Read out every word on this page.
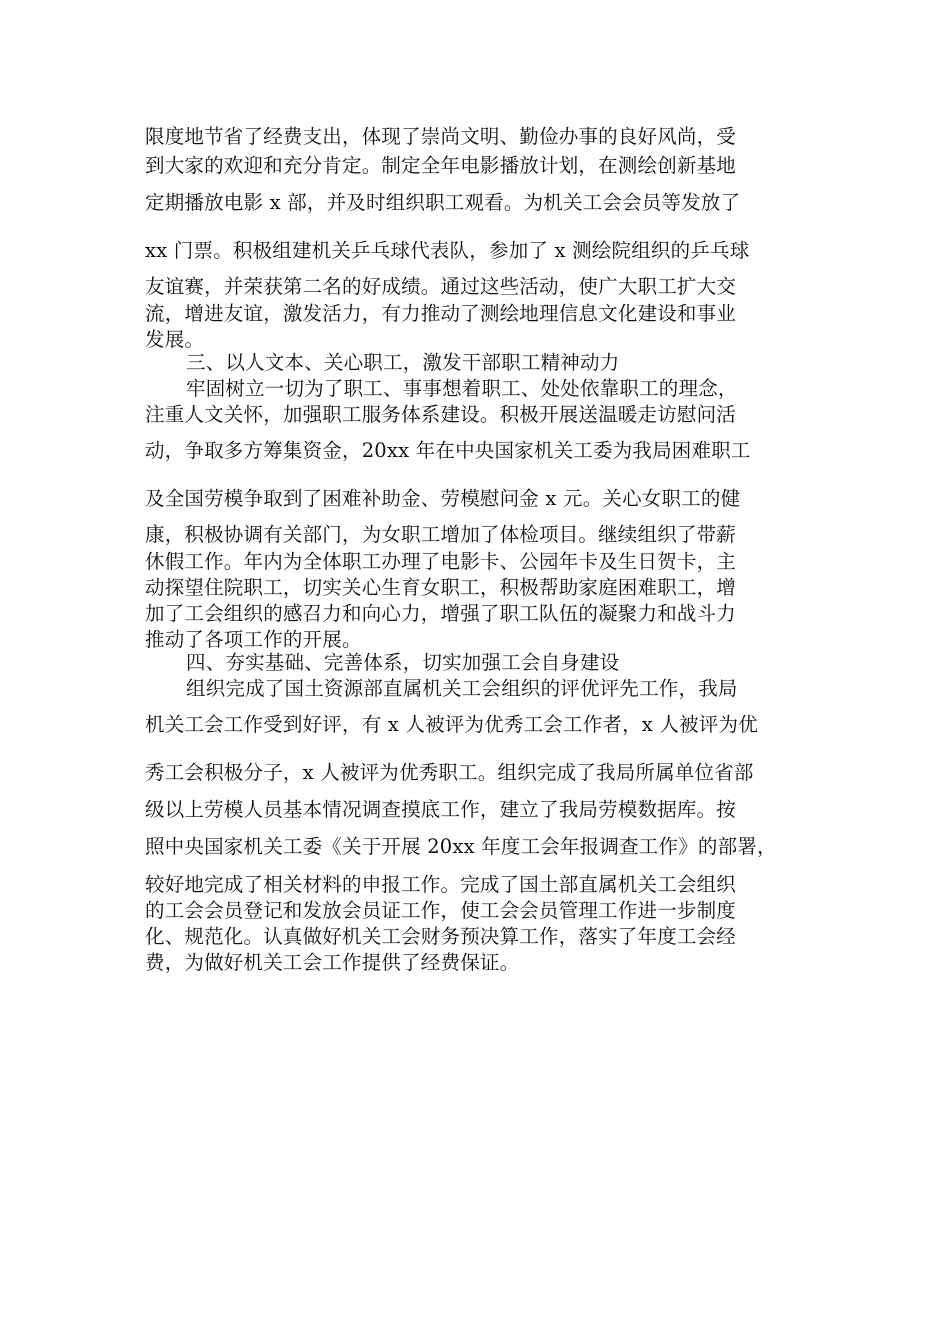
限度地节省了经费支出，体现了崇尚文明、勤俭办事的良好风尚，受
到大家的欢迎和充分肯定。制定全年电影播放计划，在测绘创新基地
定期播放电影 x 部，并及时组织职工观看。为机关工会会员等发放了
xx 门票。积极组建机关乒乓球代表队，参加了 x 测绘院组织的乒乓球
友谊赛，并荣获第二名的好成绩。通过这些活动，使广大职工扩大交
流，增进友谊，激发活力，有力推动了测绘地理信息文化建设和事业
发展。
三、以人文本、关心职工，激发干部职工精神动力
牢固树立一切为了职工、事事想着职工、处处依靠职工的理念，
注重人文关怀，加强职工服务体系建设。积极开展送温暖走访慰问活
动，争取多方筹集资金，20xx 年在中央国家机关工委为我局困难职工
及全国劳模争取到了困难补助金、劳模慰问金 x 元。关心女职工的健
康，积极协调有关部门，为女职工增加了体检项目。继续组织了带薪
休假工作。年内为全体职工办理了电影卡、公园年卡及生日贺卡，主
动探望住院职工，切实关心生育女职工，积极帮助家庭困难职工，增
加了工会组织的感召力和向心力，增强了职工队伍的凝聚力和战斗力
推动了各项工作的开展。
四、夯实基础、完善体系，切实加强工会自身建设
组织完成了国土资源部直属机关工会组织的评优评先工作，我局
机关工会工作受到好评，有 x 人被评为优秀工会工作者，x 人被评为优
秀工会积极分子，x 人被评为优秀职工。组织完成了我局所属单位省部
级以上劳模人员基本情况调查摸底工作，建立了我局劳模数据库。按
照中央国家机关工委《关于开展 20xx 年度工会年报调查工作》的部署，
较好地完成了相关材料的申报工作。完成了国土部直属机关工会组织
的工会会员登记和发放会员证工作，使工会会员管理工作进一步制度
化、规范化。认真做好机关工会财务预决算工作，落实了年度工会经
费，为做好机关工会工作提供了经费保证。
